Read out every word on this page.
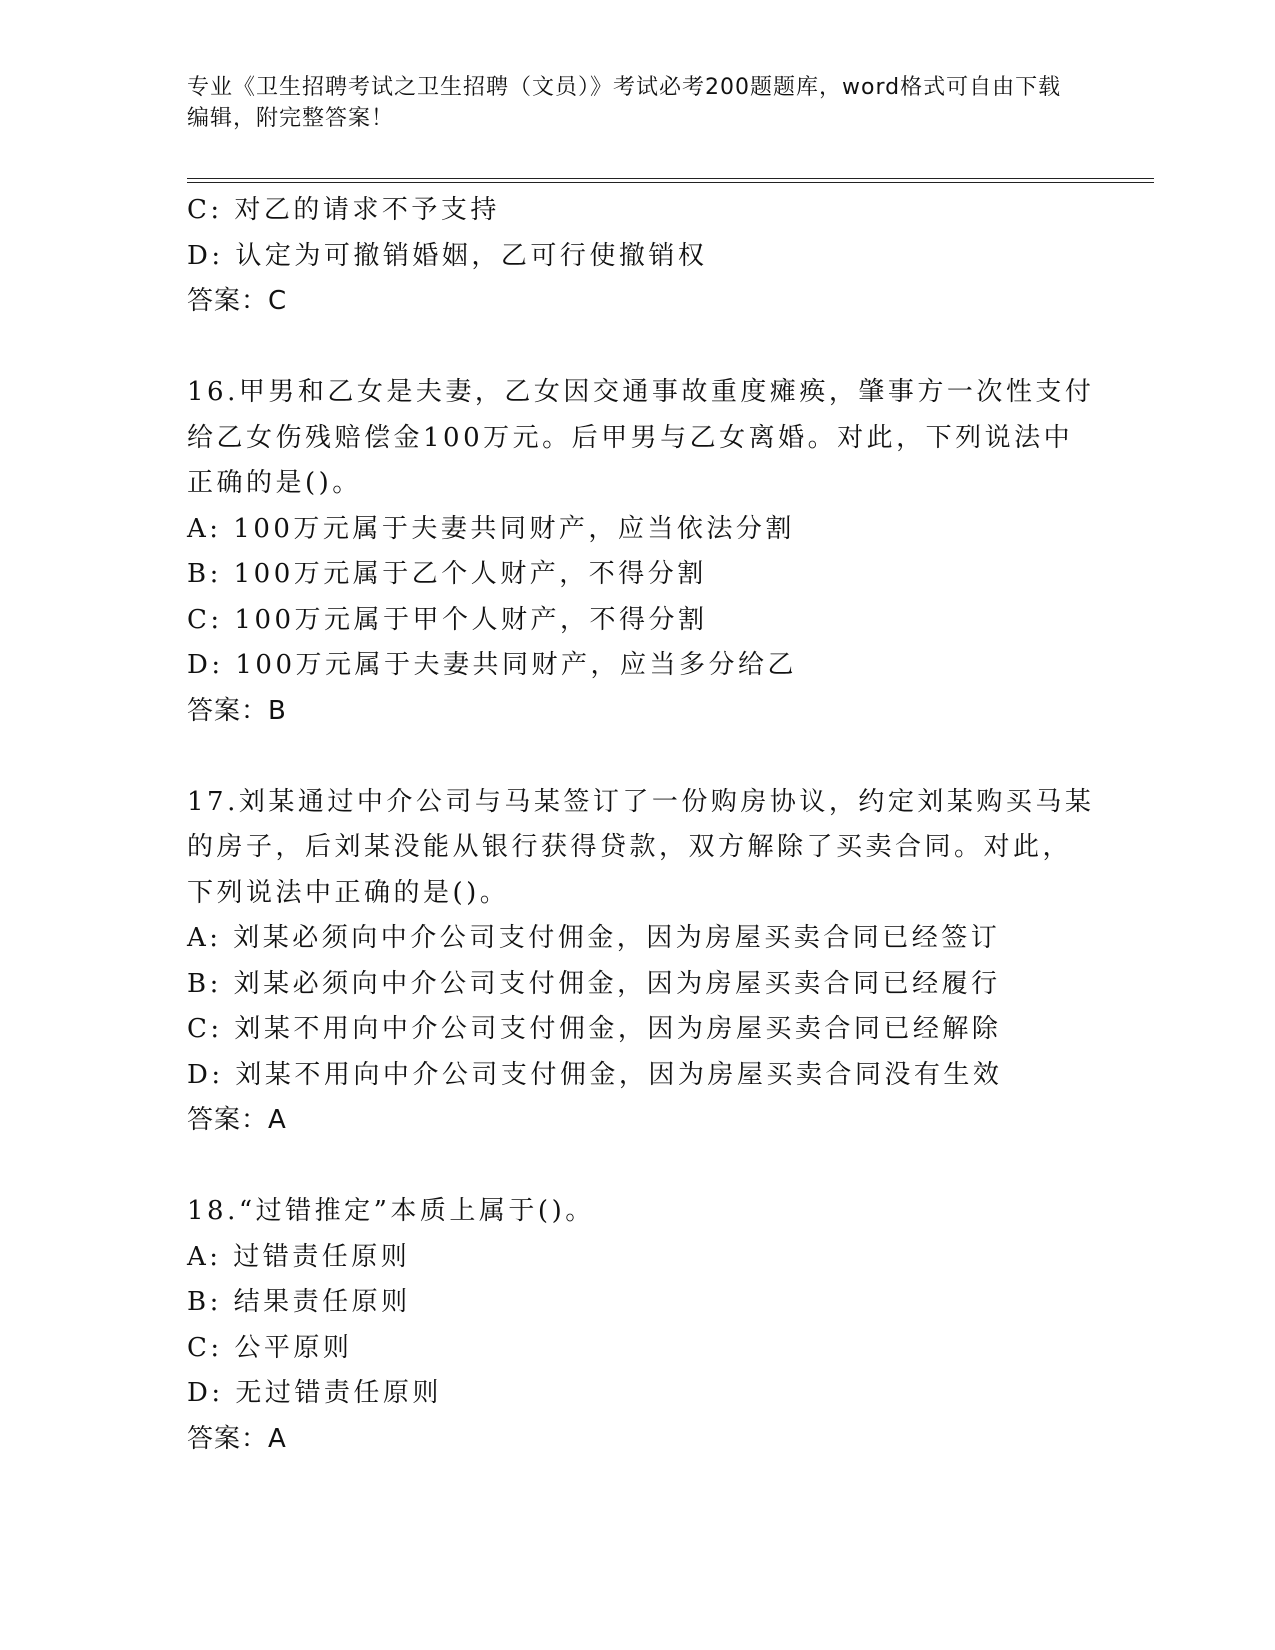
专业《卫生招聘考试之卫生招聘（文员）》考试必考200题题库，word格式可自由下载编辑，附完整答案！
C: 对乙的请求不予支持
D: 认定为可撤销婚姻，乙可行使撤销权
答案：C
16.甲男和乙女是夫妻，乙女因交通事故重度瘫痪，肇事方一次性支付
给乙女伤残赔偿金100万元。后甲男与乙女离婚。对此，下列说法中
正确的是()。
A: 100万元属于夫妻共同财产，应当依法分割
B: 100万元属于乙个人财产，不得分割
C: 100万元属于甲个人财产，不得分割
D: 100万元属于夫妻共同财产，应当多分给乙
答案：B
17.刘某通过中介公司与马某签订了一份购房协议，约定刘某购买马某
的房子，后刘某没能从银行获得贷款，双方解除了买卖合同。对此，
下列说法中正确的是()。
A: 刘某必须向中介公司支付佣金，因为房屋买卖合同已经签订
B: 刘某必须向中介公司支付佣金，因为房屋买卖合同已经履行
C: 刘某不用向中介公司支付佣金，因为房屋买卖合同已经解除
D: 刘某不用向中介公司支付佣金，因为房屋买卖合同没有生效
答案：A
18.“过错推定”本质上属于()。
A: 过错责任原则
B: 结果责任原则
C: 公平原则
D: 无过错责任原则
答案：A
